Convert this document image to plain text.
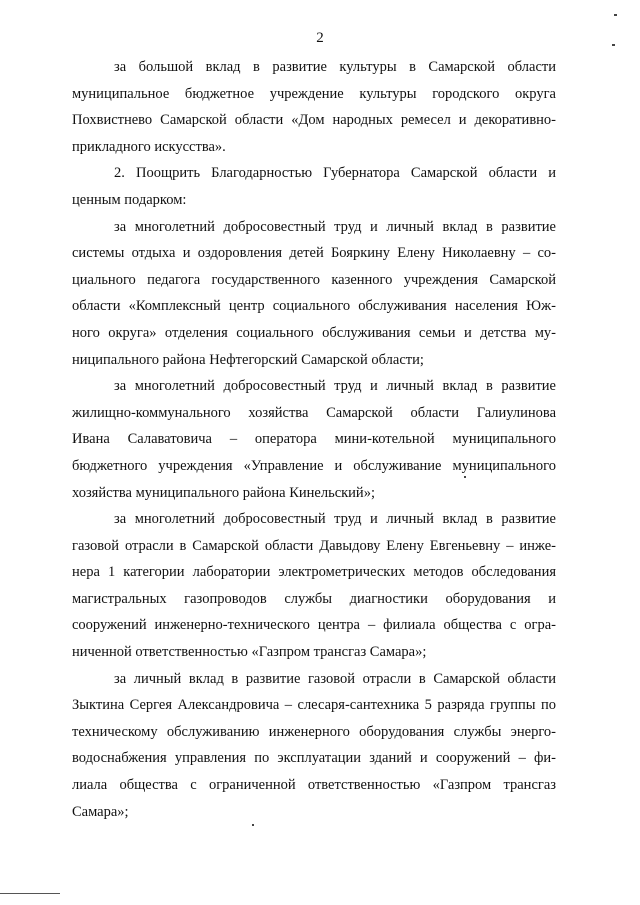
2
за большой вклад в развитие культуры в Самарской области
муниципальное бюджетное учреждение культуры городского округа
Похвистнево Самарской области «Дом народных ремесел и декоративно-
прикладного искусства».
2. Поощрить Благодарностью Губернатора Самарской области и
ценным подарком:
за многолетний добросовестный труд и личный вклад в развитие
системы отдыха и оздоровления детей Бояркину Елену Николаевну – со-
циального педагога государственного казенного учреждения Самарской
области «Комплексный центр социального обслуживания населения Юж-
ного округа» отделения социального обслуживания семьи и детства му-
ниципального района Нефтегорский Самарской области;
за многолетний добросовестный труд и личный вклад в развитие
жилищно-коммунального хозяйства Самарской области Галиулинова
Ивана Салаватовича – оператора мини-котельной муниципального
бюджетного учреждения «Управление и обслуживание муниципального
хозяйства муниципального района Кинельский»;
за многолетний добросовестный труд и личный вклад в развитие
газовой отрасли в Самарской области Давыдову Елену Евгеньевну – инже-
нера 1 категории лаборатории электрометрических методов обследования
магистральных газопроводов службы диагностики оборудования и
сооружений инженерно-технического центра – филиала общества с огра-
ниченной ответственностью «Газпром трансгаз Самара»;
за личный вклад в развитие газовой отрасли в Самарской области
Зыктина Сергея Александровича – слесаря-сантехника 5 разряда группы по
техническому обслуживанию инженерного оборудования службы энерго-
водоснабжения управления по эксплуатации зданий и сооружений – фи-
лиала общества с ограниченной ответственностью «Газпром трансгаз
Самара»;
